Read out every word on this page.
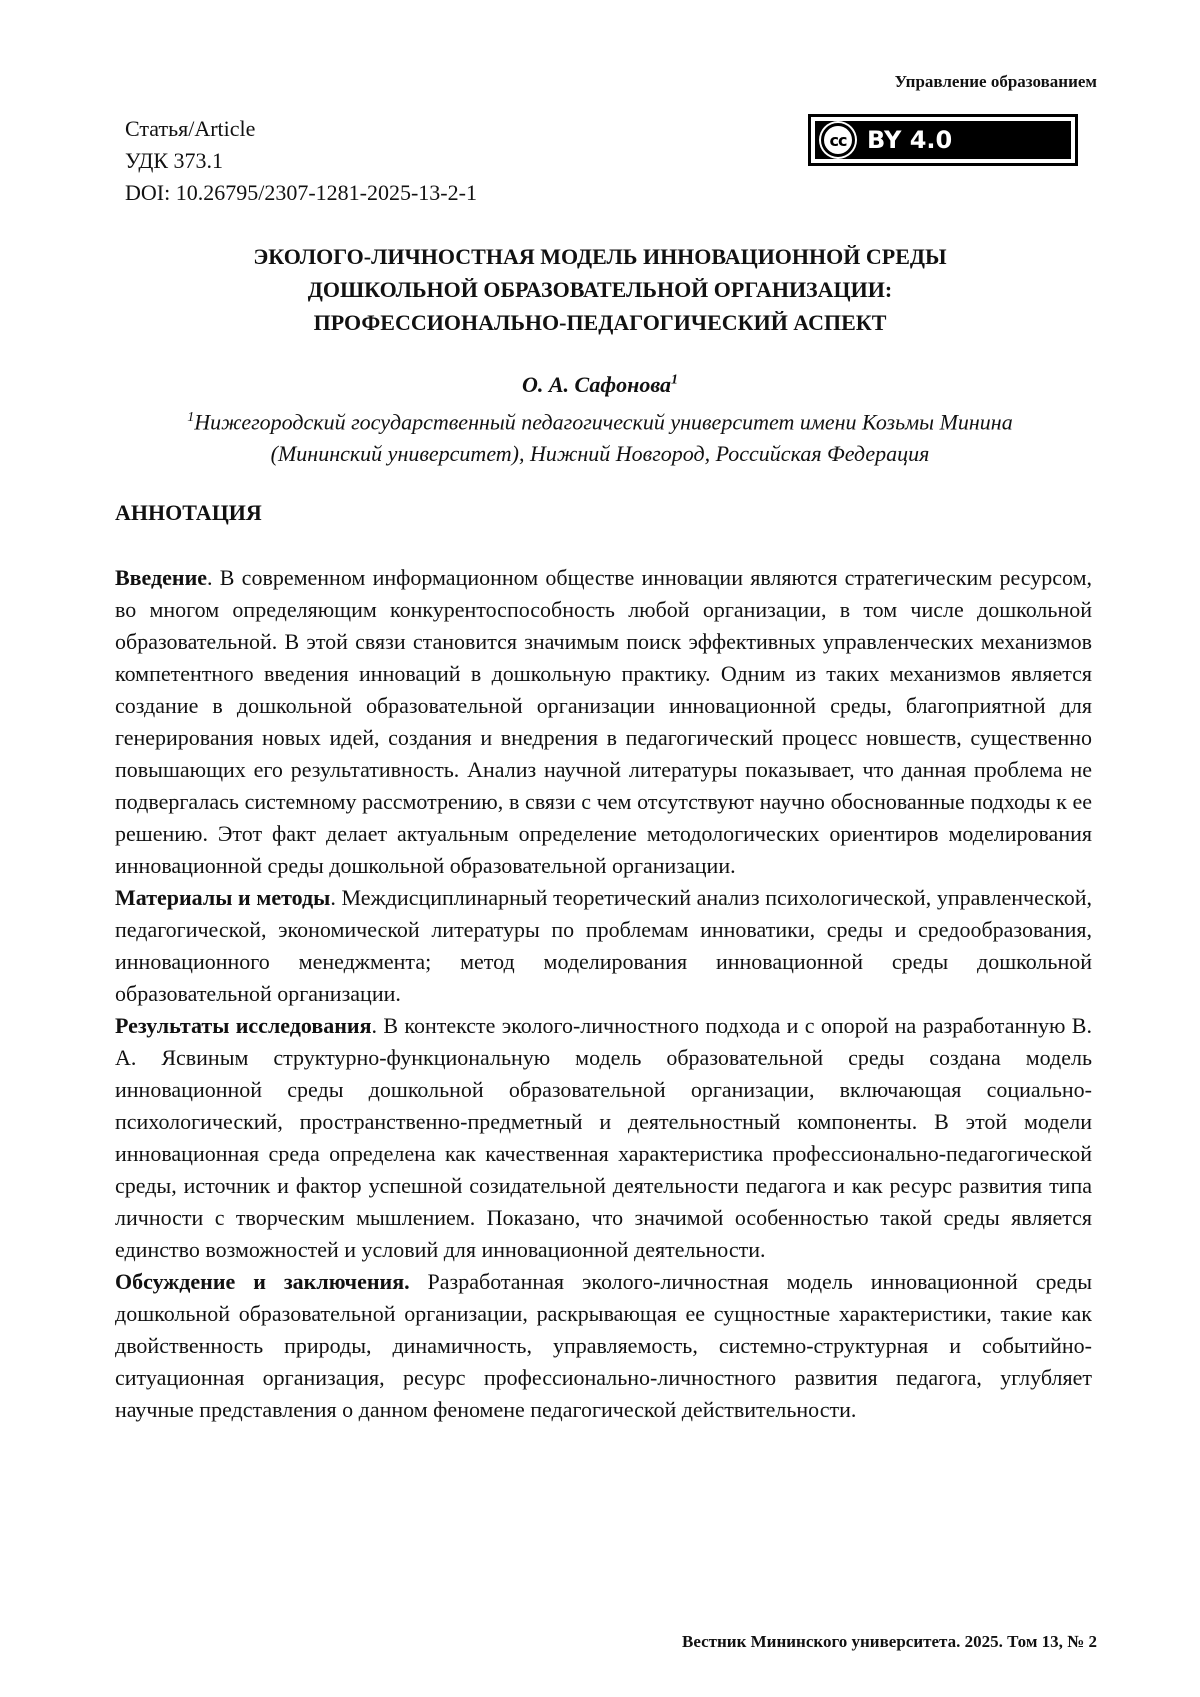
Управление образованием
Статья/Article
УДК 373.1
DOI: 10.26795/2307-1281-2025-13-2-1
cc BY 4.0
ЭКОЛОГО-ЛИЧНОСТНАЯ МОДЕЛЬ ИННОВАЦИОННОЙ СРЕДЫ
ДОШКОЛЬНОЙ ОБРАЗОВАТЕЛЬНОЙ ОРГАНИЗАЦИИ:
ПРОФЕССИОНАЛЬНО-ПЕДАГОГИЧЕСКИЙ АСПЕКТ
О. А. Сафонова1
1Нижегородский государственный педагогический университет имени Козьмы Минина
(Мининский университет), Нижний Новгород, Российская Федерация
АННОТАЦИЯ

Введение. В современном информационном обществе инновации являются стратегическим ресурсом, во многом определяющим конкурентоспособность любой организации, в том числе дошкольной образовательной. В этой связи становится значимым поиск эффективных управленческих механизмов компетентного введения инноваций в дошкольную практику. Одним из таких механизмов является создание в дошкольной образовательной организации инновационной среды, благоприятной для генерирования новых идей, создания и внедрения в педагогический процесс новшеств, существенно повышающих его результативность. Анализ научной литературы показывает, что данная проблема не подвергалась системному рассмотрению, в связи с чем отсутствуют научно обоснованные подходы к ее решению. Этот факт делает актуальным определение методологических ориентиров моделирования инновационной среды дошкольной образовательной организации.

Материалы и методы. Междисциплинарный теоретический анализ психологической, управленческой, педагогической, экономической литературы по проблемам инноватики, среды и средообразования, инновационного менеджмента; метод моделирования инновационной среды дошкольной образовательной организации.

Результаты исследования. В контексте эколого-личностного подхода и с опорой на разработанную В. А. Ясвиным структурно-функциональную модель образовательной среды создана модель инновационной среды дошкольной образовательной организации, включающая социально-психологический, пространственно-предметный и деятельностный компоненты. В этой модели инновационная среда определена как качественная характеристика профессионально-педагогической среды, источник и фактор успешной созидательной деятельности педагога и как ресурс развития типа личности с творческим мышлением. Показано, что значимой особенностью такой среды является единство возможностей и условий для инновационной деятельности.

Обсуждение и заключения. Разработанная эколого-личностная модель инновационной среды дошкольной образовательной организации, раскрывающая ее сущностные характеристики, такие как двойственность природы, динамичность, управляемость, системно-структурная и событийно-ситуационная организация, ресурс профессионально-личностного развития педагога, углубляет научные представления о данном феномене педагогической действительности.

Вестник Мининского университета. 2025. Том 13, № 2
